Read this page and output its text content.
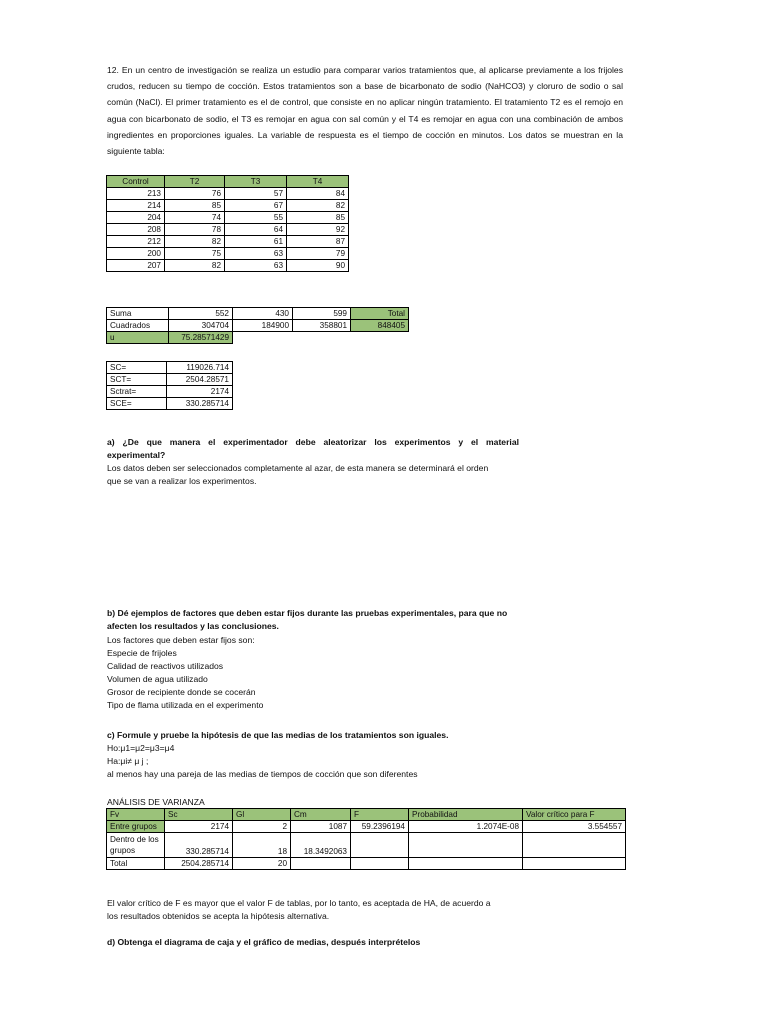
12. En un centro de investigación se realiza un estudio para comparar varios tratamientos que, al aplicarse previamente a los frijoles crudos, reducen su tiempo de cocción. Estos tratamientos son a base de bicarbonato de sodio (NaHCO3) y cloruro de sodio o sal común (NaCl). El primer tratamiento es el de control, que consiste en no aplicar ningún tratamiento. El tratamiento T2 es el remojo en agua con bicarbonato de sodio, el T3 es remojar en agua con sal común y el T4 es remojar en agua con una combinación de ambos ingredientes en proporciones iguales. La variable de respuesta es el tiempo de cocción en minutos. Los datos se muestran en la siguiente tabla:
Control	T2	T3	T4
213	76	57	84
214	85	67	82
204	74	55	85
208	78	64	92
212	82	61	87
200	75	63	79
207	82	63	90
Suma	552	430	599	Total
Cuadrados	304704	184900	358801	848405
u	75.28571429			
SC=	119026.714
SCT=	2504.28571
Sctrat=	2174
SCE=	330.285714
a) ¿De que manera el experimentador debe aleatorizar los experimentos y el material
experimental?
Los datos deben ser seleccionados completamente al azar, de esta manera se determinará el orden
que se van a realizar los experimentos.
b) Dé ejemplos de factores que deben estar fijos durante las pruebas experimentales, para que no
afecten los resultados y las conclusiones.
Los factores que deben estar fijos son:
Especie de frijoles
Calidad de reactivos utilizados
Volumen de agua utilizado
Grosor de recipiente donde se cocerán
Tipo de flama utilizada en el experimento
c) Formule y pruebe la hipótesis de que las medias de los tratamientos son iguales.
Ho:μ1=μ2=μ3=μ4
Ha:μi≠ μ j ;
al menos hay una pareja de las medias de tiempos de cocción que son diferentes
ANÁLISIS DE VARIANZA
Fv	Sc	Gl	Cm	F	Probabilidad	Valor crítico para F
Entre grupos	2174	2	1087	59.2396194	1.2074E-08	3.554557
Dentro de los grupos	330.285714	18	18.3492063			
Total	2504.285714	20				
El valor crítico de F es mayor que el valor F de tablas, por lo tanto, es aceptada de HA, de acuerdo a
los resultados obtenidos se acepta la hipótesis alternativa.
d) Obtenga el diagrama de caja y el gráfico de medias, después interprételos
